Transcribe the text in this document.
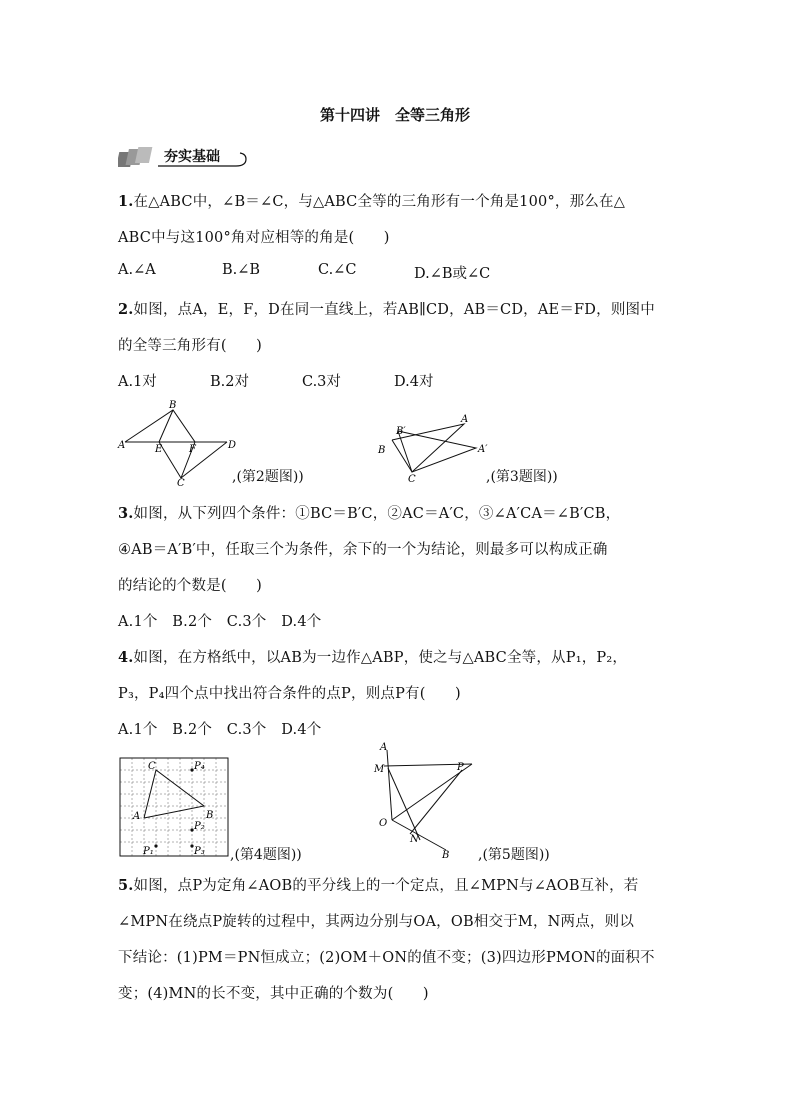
第十四讲　全等三角形
夯实基础
1.在△ABC中，∠B＝∠C，与△ABC全等的三角形有一个角是100°，那么在△
ABC中与这100°角对应相等的角是(　　)
A.∠A	B.∠B	C.∠C	D.∠B或∠C
2.如图，点A，E，F，D在同一直线上，若AB∥CD，AB＝CD，AE＝FD，则图中
的全等三角形有(　　)
A.1对	B.2对	C.3对	D.4对
B
A	E	F	D
C	,(第2题图))
B′
A
A′
B
C	,(第3题图))
3.如图，从下列四个条件：①BC＝B′C，②AC＝A′C，③∠A′CA＝∠B′CB，
④AB＝A′B′中，任取三个为条件，余下的一个为结论，则最多可以构成正确
的结论的个数是(　　)
A.1个　B.2个　C.3个　D.4个
4.如图，在方格纸中，以AB为一边作△ABP，使之与△ABC全等，从P₁，P₂，
P₃，P₄四个点中找出符合条件的点P，则点P有(　　)
A.1个　B.2个　C.3个　D.4个
C	P₄
A	B
P₁
P₂
P₃ ,(第4题图))
A
M	P
O
N
B ,(第5题图))
5.如图，点P为定角∠AOB的平分线上的一个定点，且∠MPN与∠AOB互补，若
∠MPN在绕点P旋转的过程中，其两边分别与OA，OB相交于M，N两点，则以
下结论：(1)PM＝PN恒成立；(2)OM＋ON的值不变；(3)四边形PMON的面积不
变；(4)MN的长不变，其中正确的个数为(　　)
